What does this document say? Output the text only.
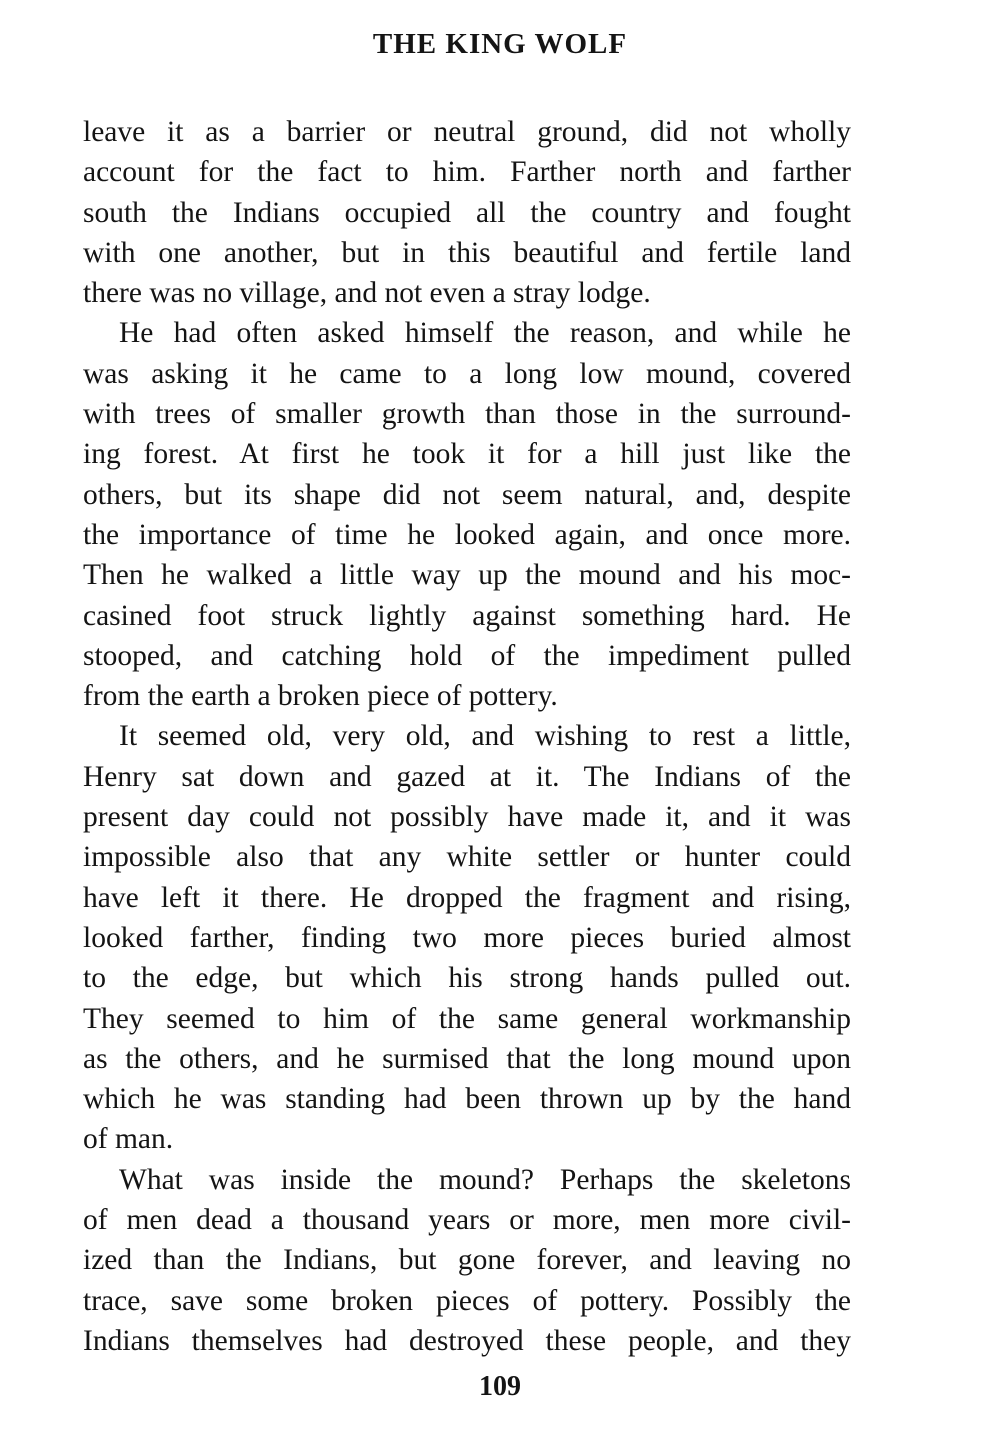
THE KING WOLF

leave it as a barrier or neutral ground, did not wholly
account for the fact to him. Farther north and farther
south the Indians occupied all the country and fought
with one another, but in this beautiful and fertile land
there was no village, and not even a stray lodge.

He had often asked himself the reason, and while he
was asking it he came to a long low mound, covered
with trees of smaller growth than those in the surround-
ing forest. At first he took it for a hill just like the
others, but its shape did not seem natural, and, despite
the importance of time he looked again, and once more.
Then he walked a little way up the mound and his moc-
casined foot struck lightly against something hard. He
stooped, and catching hold of the impediment pulled
from the earth a broken piece of pottery.

It seemed old, very old, and wishing to rest a little,
Henry sat down and gazed at it. The Indians of the
present day could not possibly have made it, and it was
impossible also that any white settler or hunter could
have left it there. He dropped the fragment and rising,
looked farther, finding two more pieces buried almost
to the edge, but which his strong hands pulled out.
They seemed to him of the same general workmanship
as the others, and he surmised that the long mound upon
which he was standing had been thrown up by the hand
of man.

What was inside the mound? Perhaps the skeletons
of men dead a thousand years or more, men more civil-
ized than the Indians, but gone forever, and leaving no
trace, save some broken pieces of pottery. Possibly the
Indians themselves had destroyed these people, and they

109
